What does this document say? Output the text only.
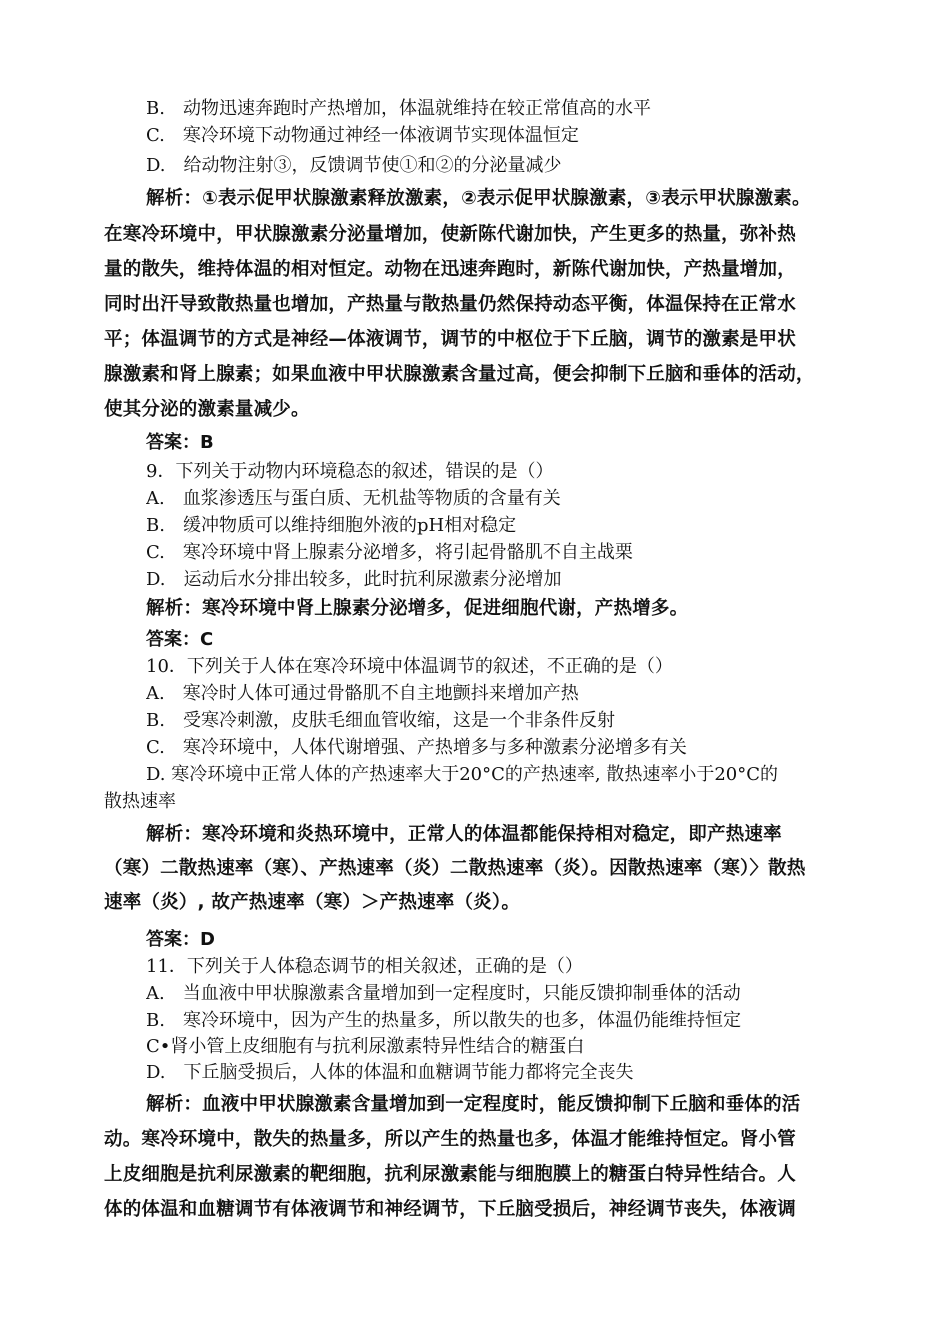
B.　动物迅速奔跑时产热增加，体温就维持在较正常值高的水平
C.　寒冷环境下动物通过神经一体液调节实现体温恒定
D.　给动物注射③，反馈调节使①和②的分泌量减少
解析：①表示促甲状腺激素释放激素，②表示促甲状腺激素，③表示甲状腺激素。
在寒冷环境中，甲状腺激素分泌量增加，使新陈代谢加快，产生更多的热量，弥补热
量的散失，维持体温的相对恒定。动物在迅速奔跑时，新陈代谢加快，产热量增加，
同时出汗导致散热量也增加，产热量与散热量仍然保持动态平衡，体温保持在正常水
平；体温调节的方式是神经—体液调节，调节的中枢位于下丘脑，调节的激素是甲状
腺激素和肾上腺素；如果血液中甲状腺激素含量过高，便会抑制下丘脑和垂体的活动，
使其分泌的激素量减少。
答案：B
9．下列关于动物内环境稳态的叙述，错误的是（）
A.　血浆渗透压与蛋白质、无机盐等物质的含量有关
B.　缓冲物质可以维持细胞外液的pH相对稳定
C.　寒冷环境中肾上腺素分泌增多，将引起骨骼肌不自主战栗
D.　运动后水分排出较多，此时抗利尿激素分泌增加
解析：寒冷环境中肾上腺素分泌增多，促进细胞代谢，产热增多。
答案：C
10．下列关于人体在寒冷环境中体温调节的叙述，不正确的是（）
A.　寒冷时人体可通过骨骼肌不自主地颤抖来增加产热
B.　受寒冷刺激，皮肤毛细血管收缩，这是一个非条件反射
C.　寒冷环境中，人体代谢增强、产热增多与多种激素分泌增多有关
D. 寒冷环境中正常人体的产热速率大于20°C的产热速率, 散热速率小于20°C的
散热速率
解析：寒冷环境和炎热环境中，正常人的体温都能保持相对稳定，即产热速率
（寒）二散热速率（寒）、产热速率（炎）二散热速率（炎）。因散热速率（寒）〉散热
速率（炎）, 故产热速率（寒）＞产热速率（炎）。
答案：D
11．下列关于人体稳态调节的相关叙述，正确的是（）
A.　当血液中甲状腺激素含量增加到一定程度时，只能反馈抑制垂体的活动
B.　寒冷环境中，因为产生的热量多，所以散失的也多，体温仍能维持恒定
C•肾小管上皮细胞有与抗利尿激素特异性结合的糖蛋白
D.　下丘脑受损后，人体的体温和血糖调节能力都将完全丧失
解析：血液中甲状腺激素含量增加到一定程度时，能反馈抑制下丘脑和垂体的活
动。寒冷环境中，散失的热量多，所以产生的热量也多，体温才能维持恒定。肾小管
上皮细胞是抗利尿激素的靶细胞，抗利尿激素能与细胞膜上的糖蛋白特异性结合。人
体的体温和血糖调节有体液调节和神经调节，下丘脑受损后，神经调节丧失，体液调
